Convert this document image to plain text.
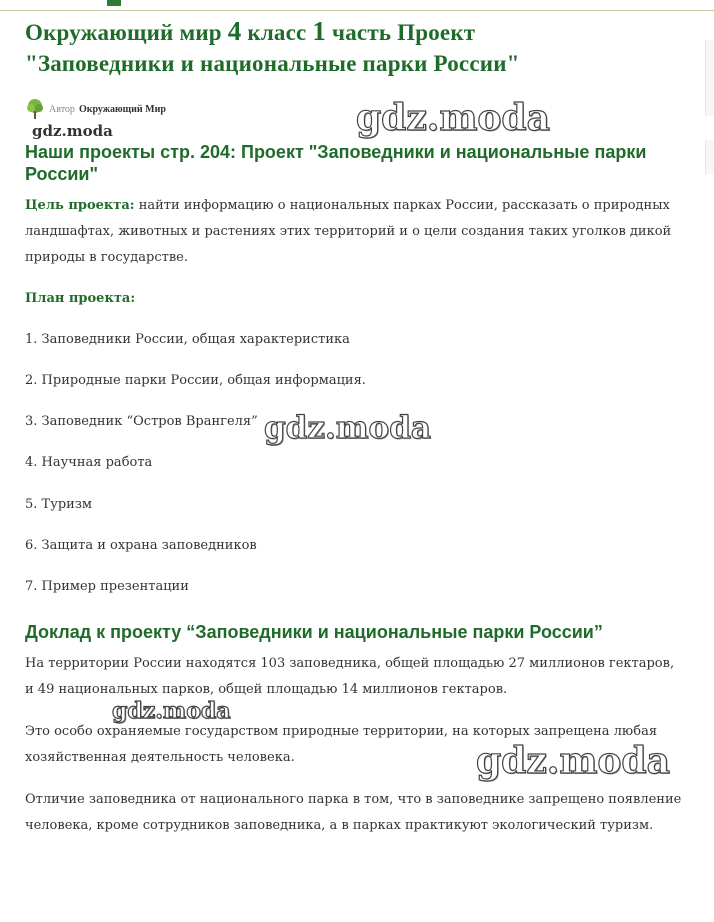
Окружающий мир 4 класс 1 часть Проект
"Заповедники и национальные парки России"
Автор Окружающий Мир
gdz.moda	gdz.moda
Наши проекты стр. 204: Проект "Заповедники и национальные парки России"

Цель проекта: найти информацию о национальных парках России, рассказать о природных ландшафтах, животных и растениях этих территорий и о цели создания таких уголков дикой природы в государстве.

План проекта:

1. Заповедники России, общая характеристика
2. Природные парки России, общая информация.
3. Заповедник “Остров Врангеля”
4. Научная работа
5. Туризм
6. Защита и охрана заповедников
7. Пример презентации
gdz.moda
Доклад к проекту “Заповедники и национальные парки России”

На территории России находятся 103 заповедника, общей площадью 27 миллионов гектаров, и 49 национальных парков, общей площадью 14 миллионов гектаров.

Это особо охраняемые государством природные территории, на которых запрещена любая хозяйственная деятельность человека.

Отличие заповедника от национального парка в том, что в заповеднике запрещено появление человека, кроме сотрудников заповедника, а в парках практикуют экологический туризм.

gdz.moda
gdz.moda
